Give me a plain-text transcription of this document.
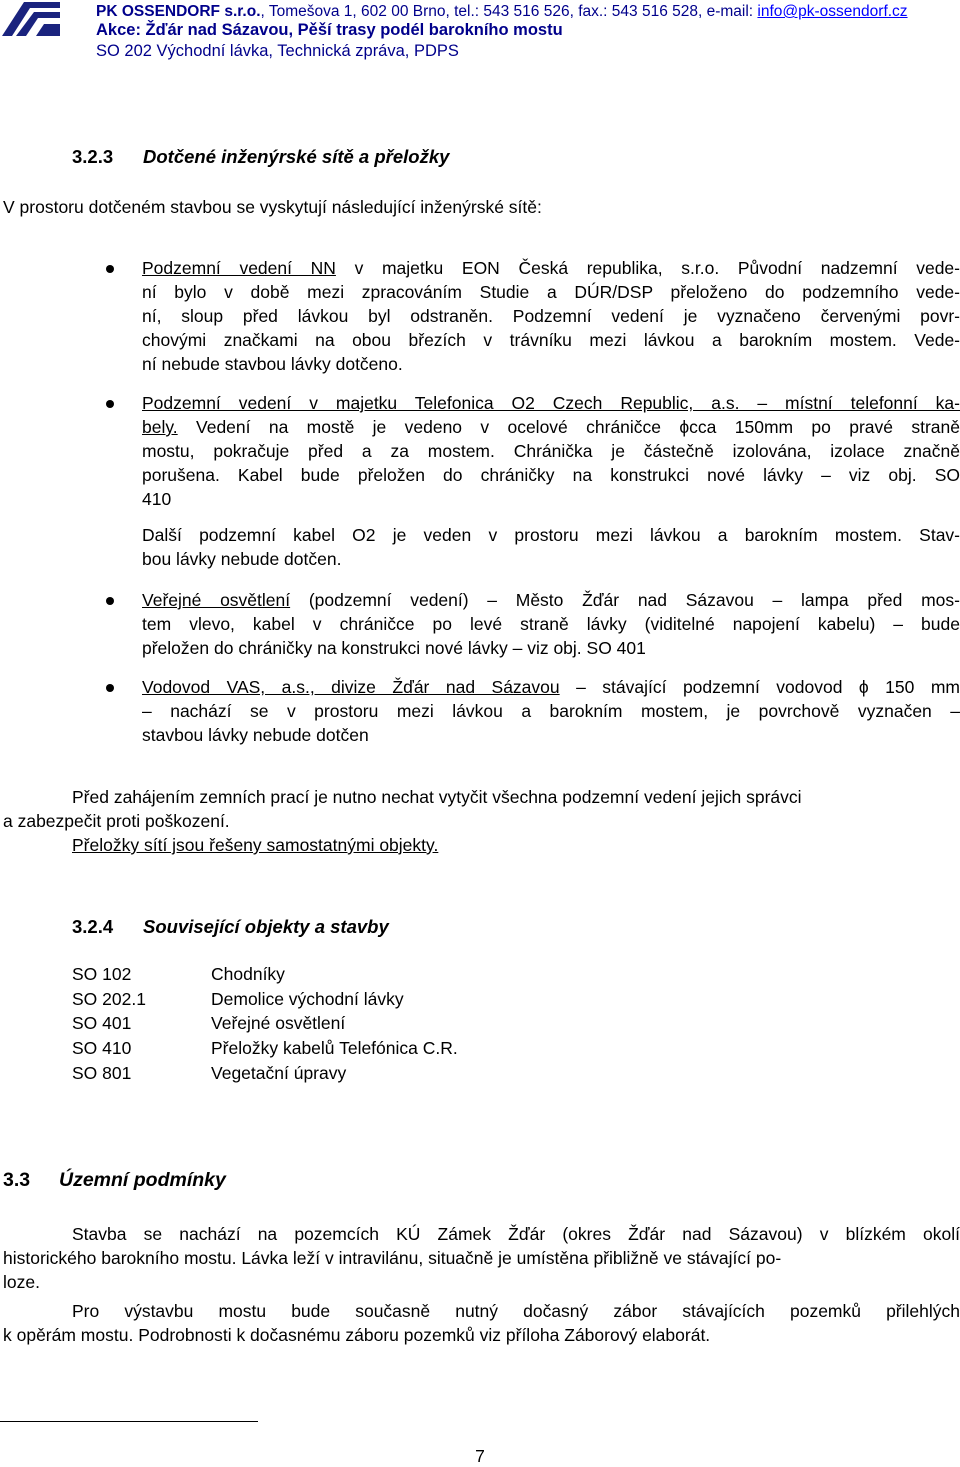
PK OSSENDORF s.r.o., Tomešova 1, 602 00 Brno, tel.: 543 516 526, fax.: 543 516 528, e-mail: info@pk-ossendorf.cz
Akce: Žďár nad Sázavou, Pěší trasy podél barokního mostu
SO 202 Východní lávka, Technická zpráva, PDPS
3.2.3 Dotčené inženýrské sítě a přeložky
V prostoru dotčeném stavbou se vyskytují následující inženýrské sítě:
Podzemní vedení NN v majetku EON Česká republika, s.r.o. Původní nadzemní vede-
ní bylo v době mezi zpracováním Studie a DÚR/DSP přeloženo do podzemního vede-
ní, sloup před lávkou byl odstraněn. Podzemní vedení je vyznačeno červenými povr-
chovými značkami na obou březích v trávníku mezi lávkou a barokním mostem. Vede-
ní nebude stavbou lávky dotčeno.
Podzemní vedení v majetku Telefonica O2 Czech Republic, a.s. – místní telefonní ka-
bely. Vedení na mostě je vedeno v ocelové chráničce ϕcca 150mm po pravé straně
mostu, pokračuje před a za mostem. Chránička je částečně izolována, izolace značně
porušena. Kabel bude přeložen do chráničky na konstrukci nové lávky – viz obj. SO
410
Další podzemní kabel O2 je veden v prostoru mezi lávkou a barokním mostem. Stav-
bou lávky nebude dotčen.
Veřejné osvětlení (podzemní vedení) – Město Žďár nad Sázavou – lampa před mos-
tem vlevo, kabel v chráničce po levé straně lávky (viditelné napojení kabelu) – bude
přeložen do chráničky na konstrukci nové lávky – viz obj. SO 401
Vodovod VAS, a.s., divize Žďár nad Sázavou – stávající podzemní vodovod ϕ 150 mm
– nachází se v prostoru mezi lávkou a barokním mostem, je povrchově vyznačen –
stavbou lávky nebude dotčen
Před zahájením zemních prací je nutno nechat vytyčit všechna podzemní vedení jejich správci
a zabezpečit proti poškození.
Přeložky sítí jsou řešeny samostatnými objekty.
3.2.4 Související objekty a stavby
SO 102	Chodníky
SO 202.1	Demolice východní lávky
SO 401	Veřejné osvětlení
SO 410	Přeložky kabelů Telefónica C.R.
SO 801	Vegetační úpravy
3.3 Územní podmínky
Stavba se nachází na pozemcích KÚ Zámek Žďár (okres Žďár nad Sázavou) v blízkém okolí
historického barokního mostu. Lávka leží v intravilánu, situačně je umístěna přibližně ve stávající po-
loze.
Pro výstavbu mostu bude současně nutný dočasný zábor stávajících pozemků přilehlých
k opěrám mostu. Podrobnosti k dočasnému záboru pozemků viz příloha Záborový elaborát.
7
